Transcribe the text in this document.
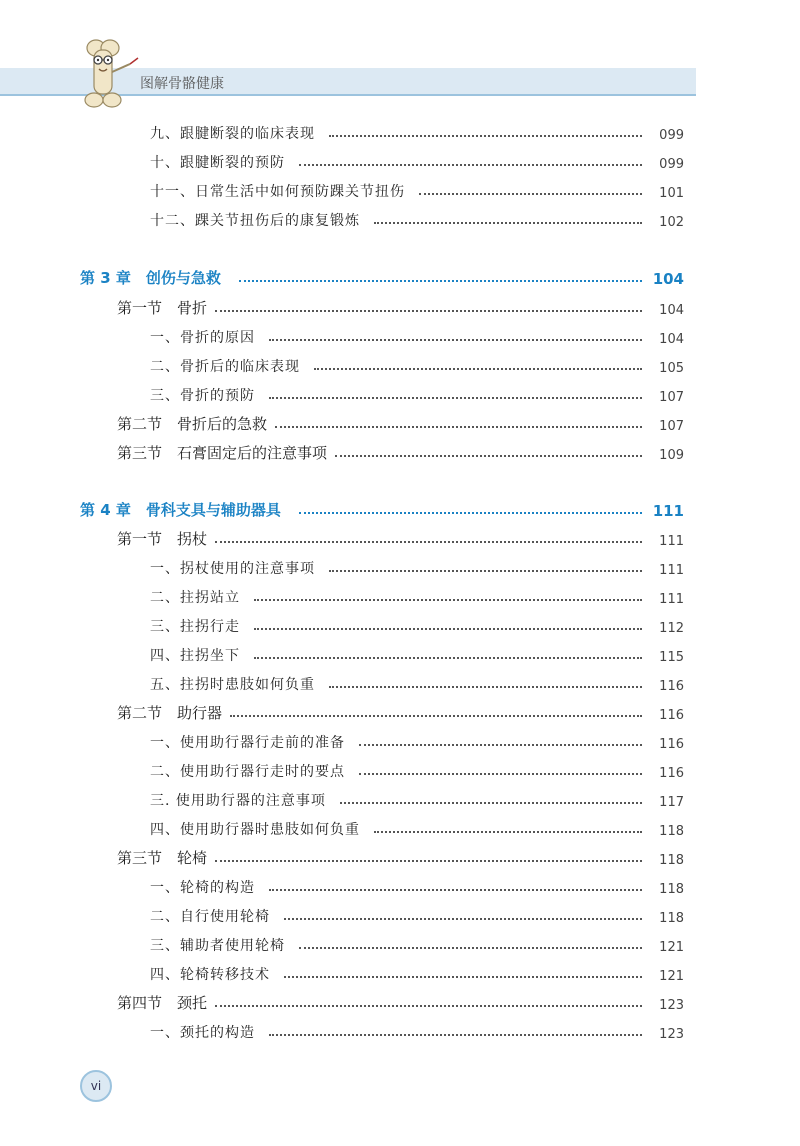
图解骨骼健康
九、跟腱断裂的临床表现	099
十、跟腱断裂的预防	099
十一、日常生活中如何预防踝关节扭伤	101
十二、踝关节扭伤后的康复锻炼	102
第 3 章　创伤与急救	104
第一节　骨折	104
一、骨折的原因	104
二、骨折后的临床表现	105
三、骨折的预防	107
第二节　骨折后的急救	107
第三节　石膏固定后的注意事项	109
第 4 章　骨科支具与辅助器具	111
第一节　拐杖	111
一、拐杖使用的注意事项	111
二、拄拐站立	111
三、拄拐行走	112
四、拄拐坐下	115
五、拄拐时患肢如何负重	116
第二节　助行器	116
一、使用助行器行走前的准备	116
二、使用助行器行走时的要点	116
三. 使用助行器的注意事项	117
四、使用助行器时患肢如何负重	118
第三节　轮椅	118
一、轮椅的构造	118
二、自行使用轮椅	118
三、辅助者使用轮椅	121
四、轮椅转移技术	121
第四节　颈托	123
一、颈托的构造	123
vi
